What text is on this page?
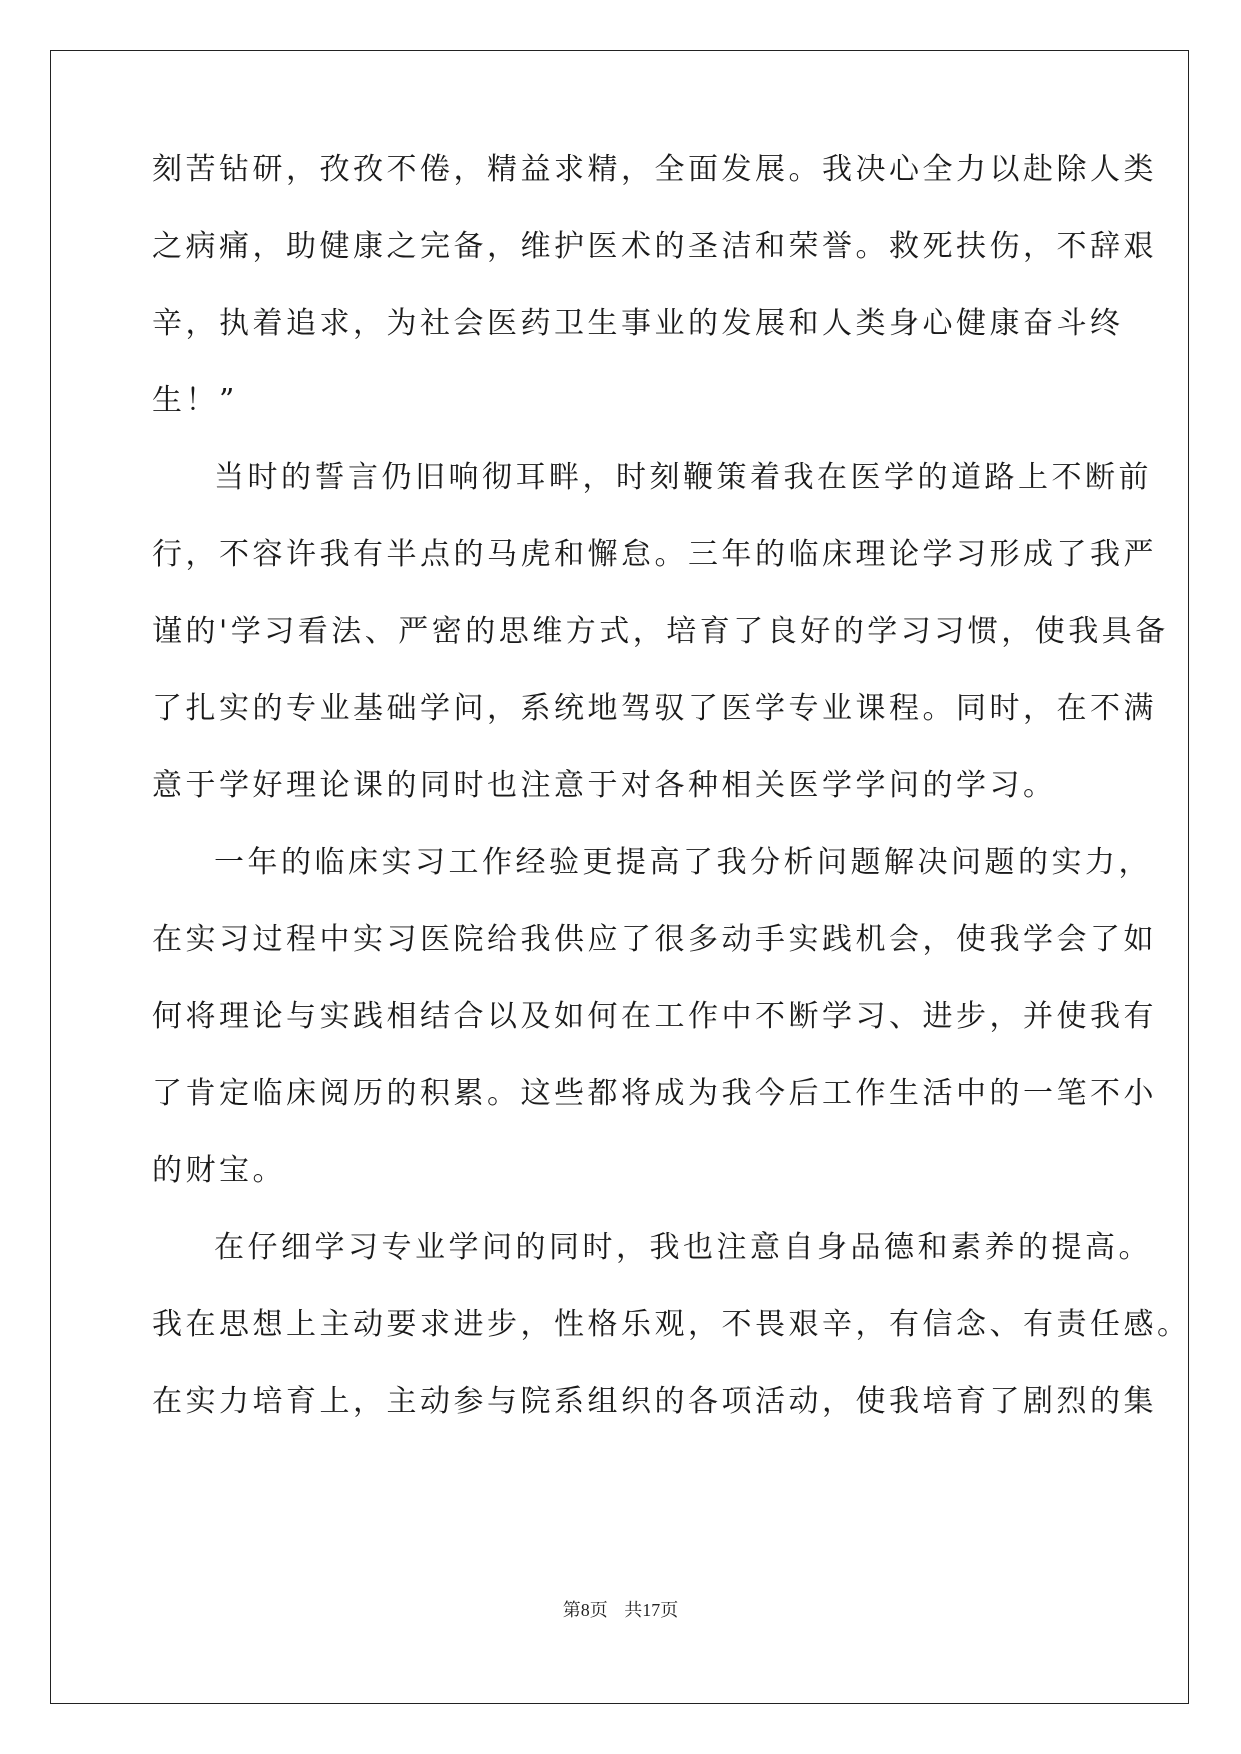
刻苦钻研，孜孜不倦，精益求精，全面发展。我决心全力以赴除人类

之病痛，助健康之完备，维护医术的圣洁和荣誉。救死扶伤，不辞艰

辛，执着追求，为社会医药卫生事业的发展和人类身心健康奋斗终

生！”

当时的誓言仍旧响彻耳畔，时刻鞭策着我在医学的道路上不断前

行，不容许我有半点的马虎和懈怠。三年的临床理论学习形成了我严

谨的'学习看法、严密的思维方式，培育了良好的学习习惯，使我具备

了扎实的专业基础学问，系统地驾驭了医学专业课程。同时，在不满

意于学好理论课的同时也注意于对各种相关医学学问的学习。

一年的临床实习工作经验更提高了我分析问题解决问题的实力，

在实习过程中实习医院给我供应了很多动手实践机会，使我学会了如

何将理论与实践相结合以及如何在工作中不断学习、进步，并使我有

了肯定临床阅历的积累。这些都将成为我今后工作生活中的一笔不小

的财宝。

在仔细学习专业学问的同时，我也注意自身品德和素养的提高。

我在思想上主动要求进步，性格乐观，不畏艰辛，有信念、有责任感。

在实力培育上，主动参与院系组织的各项活动，使我培育了剧烈的集

第8页 共17页
